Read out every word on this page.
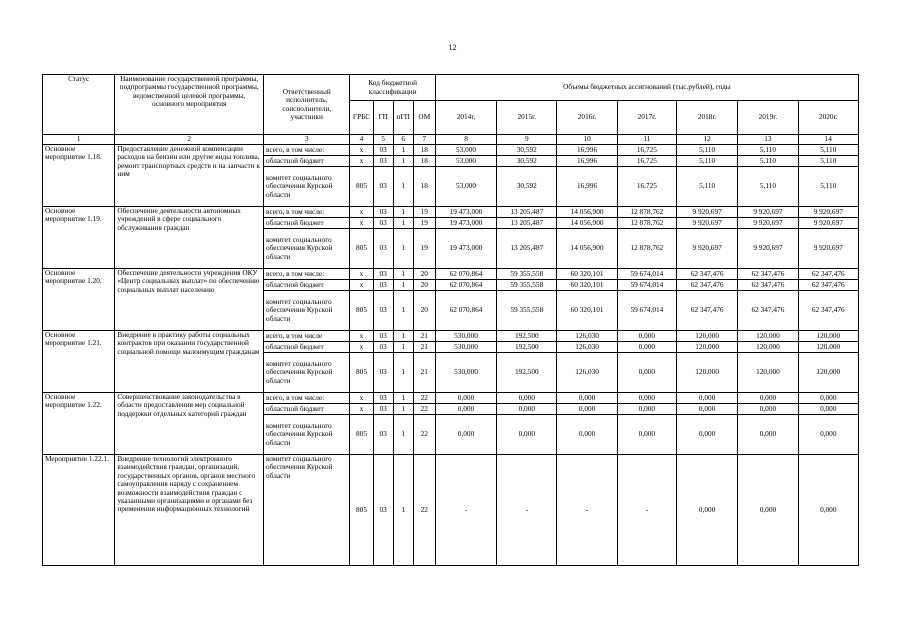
12
Статус	Наименование государственной программы, подпрограммы государственной программы, ведомственной целевой программы, основного мероприятия	Ответственный исполнитель, соисполнители, участники	Код бюджетной классификации				Объемы бюджетных ассигнований (тыс.рублей), годы						
			ГРБС	ГП	пГП	ОМ	2014г.	2015г.	2016г.	2017г.	2018г.	2019г.	2020г.
1	2	3	4	5	6	7	8	9	10	11	12	13	14
Основное мероприятие 1.18.	Предоставление денежной компенсации расходов на бензин или другие виды топлива, ремонт транспортных средств и на запчасти к ним	всего, в том числе:	х	03	1	18	53,000	30,592	16,996	16,725	5,110	5,110	5,110
		областной бюджет	х	03	1	18	53,000	30,592	16,996	16,725	5,110	5,110	5,110
		комитет социального обеспечения Курской области	805	03	1	18	53,000	30,592	16,996	16,725	5,110	5,110	5,110
Основное мероприятие 1.19.	Обеспечение деятельности автономных учреждений в сфере социального обслуживания граждан	всего, в том числе:	х	03	1	19	19 473,000	13 205,487	14 056,900	12 878,762	9 920,697	9 920,697	9 920,697
		областной бюджет	х	03	1	19	19 473,000	13 205,487	14 056,900	12 878,762	9 920,697	9 920,697	9 920,697
		комитет социального обеспечения Курской области	805	03	1	19	19 473,000	13 205,487	14 056,900	12 878,762	9 920,697	9 920,697	9 920,697
Основное мероприятие 1.20.	Обеспечение деятельности учреждения ОКУ «Центр социальных выплат» по обеспечению социальных выплат населению	всего, в том числе:	х	03	1	20	62 070,864	59 355,558	60 320,101	59 674,014	62 347,476	62 347,476	62 347,476
		областной бюджет	х	03	1	20	62 070,864	59 355,558	60 320,101	59 674,014	62 347,476	62 347,476	62 347,476
		комитет социального обеспечения Курской области	805	03	1	20	62 070,864	59 355,558	60 320,101	59 674,014	62 347,476	62 347,476	62 347,476
Основное мероприятие 1.21.	Внедрение в практику работы социальных контрактов при оказании государственной социальной помощи малоимущим гражданам	всего, в том числе	х	03	1	21	530,000	192,500	126,030	0,000	120,000	120,000	120,000
		областной бюджет	х	03	1	21	530,000	192,500	126,030	0,000	120,000	120,000	120,000
		комитет социального обеспечения Курской области	805	03	1	21	530,000	192,500	126,030	0,000	120,000	120,000	120,000
Основное мероприятие 1.22.	Совершенствование законодательства в области предоставления мер социальной поддержки отдельных категорий граждан	всего, в том числе:	х	03	1	22	0,000	0,000	0,000	0,000	0,000	0,000	0,000
		областной бюджет	х	03	1	22	0,000	0,000	0,000	0,000	0,000	0,000	0,000
		комитет социального обеспечения Курской области	805	03	1	22	0,000	0,000	0,000	0,000	0,000	0,000	0,000
Мероприятие 1.22.1.	Внедрение технологий электронного взаимодействия граждан, организаций, государственных органов, органов местного самоуправления наряду с сохранением возможности взаимодействия граждан с указанными организациями и органами без применения информационных технологий	комитет социального обеспечения Курской области	805	03	1	22	-	-	-	-	0,000	0,000	0,000
